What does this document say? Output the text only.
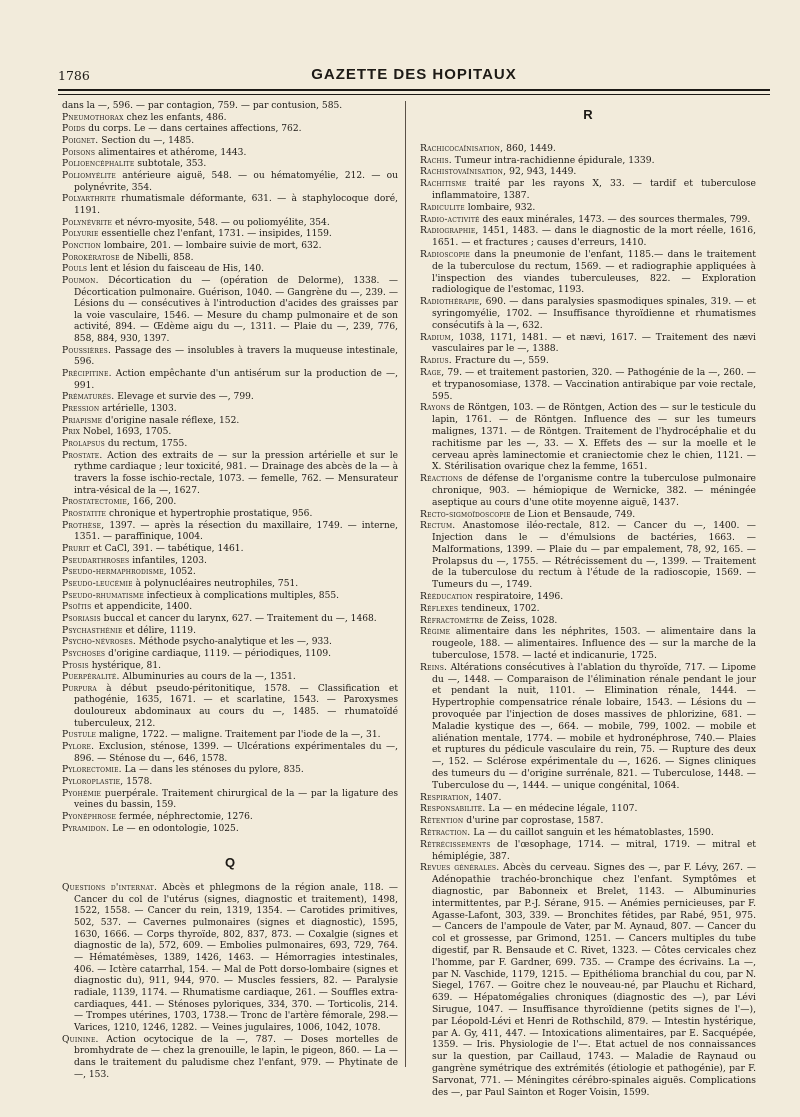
1786	GAZETTE DES HOPITAUX

dans la —, 596. — par contagion, 759. — par contusion, 585.

Pneumothorax chez les enfants, 486.

Poids du corps. Le — dans certaines affections, 762.

Poignet. Section du —, 1485.

Poisons alimentaires et athérome, 1443.

Polioencéphalite subtotale, 353.

Poliomyélite antérieure aiguë, 548. — ou hématomyélie, 212. — ou polynévrite, 354.

Polyarthrite rhumatismale déformante, 631. — à staphylocoque doré, 1191.

Polynévrite et névro-myosite, 548. — ou poliomyélite, 354.

Polyurie essentielle chez l'enfant, 1731. — insipides, 1159.

Ponction lombaire, 201. — lombaire suivie de mort, 632.

Porokératose de Nibelli, 858.

Pouls lent et lésion du faisceau de His, 140.

Poumon. Décortication du — (opération de Delorme), 1338. — Décortication pulmonaire. Guérison, 1040. — Gangrène du —, 239. — Lésions du — consécutives à l'introduction d'acides des graisses par la voie vasculaire, 1546. — Mesure du champ pulmonaire et de son activité, 894. — Œdème aigu du —, 1311. — Plaie du —, 239, 776, 858, 884, 930, 1397.

Poussières. Passage des — insolubles à travers la muqueuse intestinale, 596.

Précipitine. Action empêchante d'un antisérum sur la production de —, 991.

Prématurés. Elevage et survie des —, 799.

Pression artérielle, 1303.

Priapisme d'origine nasale réflexe, 152.

Prix Nobel, 1693, 1705.

Prolapsus du rectum, 1755.

Prostate. Action des extraits de — sur la pression artérielle et sur le rythme cardiaque ; leur toxicité, 981. — Drainage des abcès de la — à travers la fosse ischio-rectale, 1073. — femelle, 762. — Mensurateur intra-vésical de la —, 1627.

Prostatectomie, 166, 200.

Prostatite chronique et hypertrophie prostatique, 956.

Prothèse, 1397. — après la résection du maxillaire, 1749. — interne, 1351. — paraffinique, 1004.

Prurit et CaCl, 391. — tabétique, 1461.

Pseudarthroses infantiles, 1203.

Pseudo-hermaphrodisme, 1052.

Pseudo-leucémie à polynucléaires neutrophiles, 751.

Pseudo-rhumatisme infectieux à complications multiples, 855.

Psoïtis et appendicite, 1400.

Psoriasis buccal et cancer du larynx, 627. — Traitement du —, 1468.

Psychasthénie et délire, 1119.

Psycho-névroses. Méthode psycho-analytique et les —, 933.

Psychoses d'origine cardiaque, 1119. — périodiques, 1109.

Ptosis hystérique, 81.

Puerpéralité. Albuminuries au cours de la —, 1351.

Purpura à début pseudo-péritonitique, 1578. — Classification et pathogénie, 1635, 1671. — et scarlatine, 1543. — Paroxysmes douloureux abdominaux au cours du —, 1485. — rhumatoïdé tuberculeux, 212.

Pustule maligne, 1722. — maligne. Traitement par l'iode de la —, 31.

Pylore. Exclusion, sténose, 1399. — Ulcérations expérimentales du —, 896. — Sténose du —, 646, 1578.

Pylorectomie. La — dans les sténoses du pylore, 835.

Pyloroplastie, 1578.

Pyohémie puerpérale. Traitement chirurgical de la — par la ligature des veines du bassin, 159.

Pyonéphrose fermée, néphrectomie, 1276.

Pyramidon. Le — en odontologie, 1025.

Q

Questions d'internat. Abcès et phlegmons de la région anale, 118. — Cancer du col de l'utérus (signes, diagnostic et traitement), 1498, 1522, 1558. — Cancer du rein, 1319, 1354. — Carotides primitives, 502, 537. — Cavernes pulmonaires (signes et diagnostic), 1595, 1630, 1666. — Corps thyroïde, 802, 837, 873. — Coxalgie (signes et diagnostic de la), 572, 609. — Embolies pulmonaires, 693, 729, 764. — Hématémèses, 1389, 1426, 1463. — Hémorragies intestinales, 406. — Ictère catarrhal, 154. — Mal de Pott dorso-lombaire (signes et diagnostic du), 911, 944, 970. — Muscles fessiers, 82. — Paralysie radiale, 1139, 1174. — Rhumatisme cardiaque, 261. — Souffles extra-cardiaques, 441. — Sténoses pyloriques, 334, 370. — Torticolis, 214. — Trompes utérines, 1703, 1738.— Tronc de l'artère fémorale, 298.— Varices, 1210, 1246, 1282. — Veines jugulaires, 1006, 1042, 1078.

Quinine. Action ocytocique de la —, 787. — Doses mortelles de bromhydrate de — chez la grenouille, le lapin, le pigeon, 860. — La — dans le traitement du paludisme chez l'enfant, 979. — Phytinate de —, 153.

R

Rachicocaïnisation, 860, 1449.

Rachis. Tumeur intra-rachidienne épidurale, 1339.

Rachistovaïnisation, 92, 943, 1449.

Rachitisme traité par les rayons X, 33. — tardif et tuberculose inflammatoire, 1387.

Radiculite lombaire, 932.

Radio-activité des eaux minérales, 1473. — des sources thermales, 799.

Radiographie, 1451, 1483. — dans le diagnostic de la mort réelle, 1616, 1651. — et fractures ; causes d'erreurs, 1410.

Radioscopie dans la pneumonie de l'enfant, 1185.— dans le traitement de la tuberculose du rectum, 1569. — et radiographie appliquées à l'inspection des viandes tuberculeuses, 822. — Exploration radiologique de l'estomac, 1193.

Radiothérapie, 690. — dans paralysies spasmodiques spinales, 319. — et syringomyélie, 1702. — Insuffisance thyroïdienne et rhumatismes consécutifs à la —, 632.

Radium, 1038, 1171, 1481. — et nævi, 1617. — Traitement des nævi vasculaires par le —, 1388.

Radius. Fracture du —, 559.

Rage, 79. — et traitement pastorien, 320. — Pathogénie de la —, 260. — et trypanosomiase, 1378. — Vaccination antirabique par voie rectale, 595.

Rayons de Röntgen, 103. — de Röntgen, Action des — sur le testicule du lapin, 1761. — de Röntgen. Influence des — sur les tumeurs malignes, 1371. — de Röntgen. Traitement de l'hydrocéphalie et du rachitisme par les —, 33. — X. Effets des — sur la moelle et le cerveau après laminectomie et craniectomie chez le chien, 1121. — X. Stérilisation ovarique chez la femme, 1651.

Réactions de défense de l'organisme contre la tuberculose pulmonaire chronique, 903. — hémiopique de Wernicke, 382. — méningée aseptique au cours d'une otite moyenne aiguë, 1437.

Recto-sigmoïdoscopie de Lion et Bensaude, 749.

Rectum. Anastomose iléo-rectale, 812. — Cancer du —, 1400. — Injection dans le — d'émulsions de bactéries, 1663. — Malformations, 1399. — Plaie du — par empalement, 78, 92, 165. — Prolapsus du —, 1755. — Rétrécissement du —, 1399. — Traitement de la tuberculose du rectum à l'étude de la radioscopie, 1569. — Tumeurs du —, 1749.

Rééducation respiratoire, 1496.

Réflexes tendineux, 1702.

Réfractomètre de Zeiss, 1028.

Régime alimentaire dans les néphrites, 1503. — alimentaire dans la rougeole, 188. — alimentaires. Influence des — sur la marche de la tuberculose, 1578. — lacté et indicanurie, 1725.

Reins. Altérations consécutives à l'ablation du thyroïde, 717. — Lipome du —, 1448. — Comparaison de l'élimination rénale pendant le jour et pendant la nuit, 1101. — Elimination rénale, 1444. — Hypertrophie compensatrice rénale lobaire, 1543. — Lésions du — provoquée par l'injection de doses massives de phlorizine, 681. — Maladie kystique des —, 664. — mobile, 799, 1002. — mobile et aliénation mentale, 1774. — mobile et hydronéphrose, 740.— Plaies et ruptures du pédicule vasculaire du rein, 75. — Rupture des deux —, 152. — Sclérose expérimentale du —, 1626. — Signes cliniques des tumeurs du — d'origine surrénale, 821. — Tuberculose, 1448. — Tuberculose du —, 1444. — unique congénital, 1064.

Respiration, 1407.

Responsabilité. La — en médecine légale, 1107.

Rétention d'urine par coprostase, 1587.

Rétraction. La — du caillot sanguin et les hématoblastes, 1590.

Rétrécissements de l'œsophage, 1714. — mitral, 1719. — mitral et hémiplégie, 387.

Revues générales. Abcès du cerveau. Signes des —, par F. Lévy, 267. — Adénopathie trachéo-bronchique chez l'enfant. Symptômes et diagnostic, par Babonneix et Brelet, 1143. — Albuminuries intermittentes, par P.-J. Sérane, 915. — Anémies pernicieuses, par F. Agasse-Lafont, 303, 339. — Bronchites fétides, par Rabé, 951, 975. — Cancers de l'ampoule de Vater, par M. Aynaud, 807. — Cancer du col et grossesse, par Grimond, 1251. — Cancers multiples du tube digestif, par R. Bensaude et C. Rivet, 1323. — Côtes cervicales chez l'homme, par F. Gardner, 699. 735. — Crampe des écrivains. La —, par N. Vaschide, 1179, 1215. — Epithélioma branchial du cou, par N. Siegel, 1767. — Goitre chez le nouveau-né, par Plauchu et Richard, 639. — Hépatomégalies chroniques (diagnostic des —), par Lévi Sirugue, 1047. — Insuffisance thyroïdienne (petits signes de l'—), par Léopold-Lévi et Henri de Rothschild, 879. — Intestin hystérique, par A. Gy, 411, 447. — Intoxications alimentaires, par E. Sacquépée, 1359. — Iris. Physiologie de l'—. Etat actuel de nos connaissances sur la question, par Caillaud, 1743. — Maladie de Raynaud ou gangrène symétrique des extrémités (étiologie et pathogénie), par F. Sarvonat, 771. — Méningites cérébro-spinales aiguës. Complications des —, par Paul Sainton et Roger Voisin, 1599.
